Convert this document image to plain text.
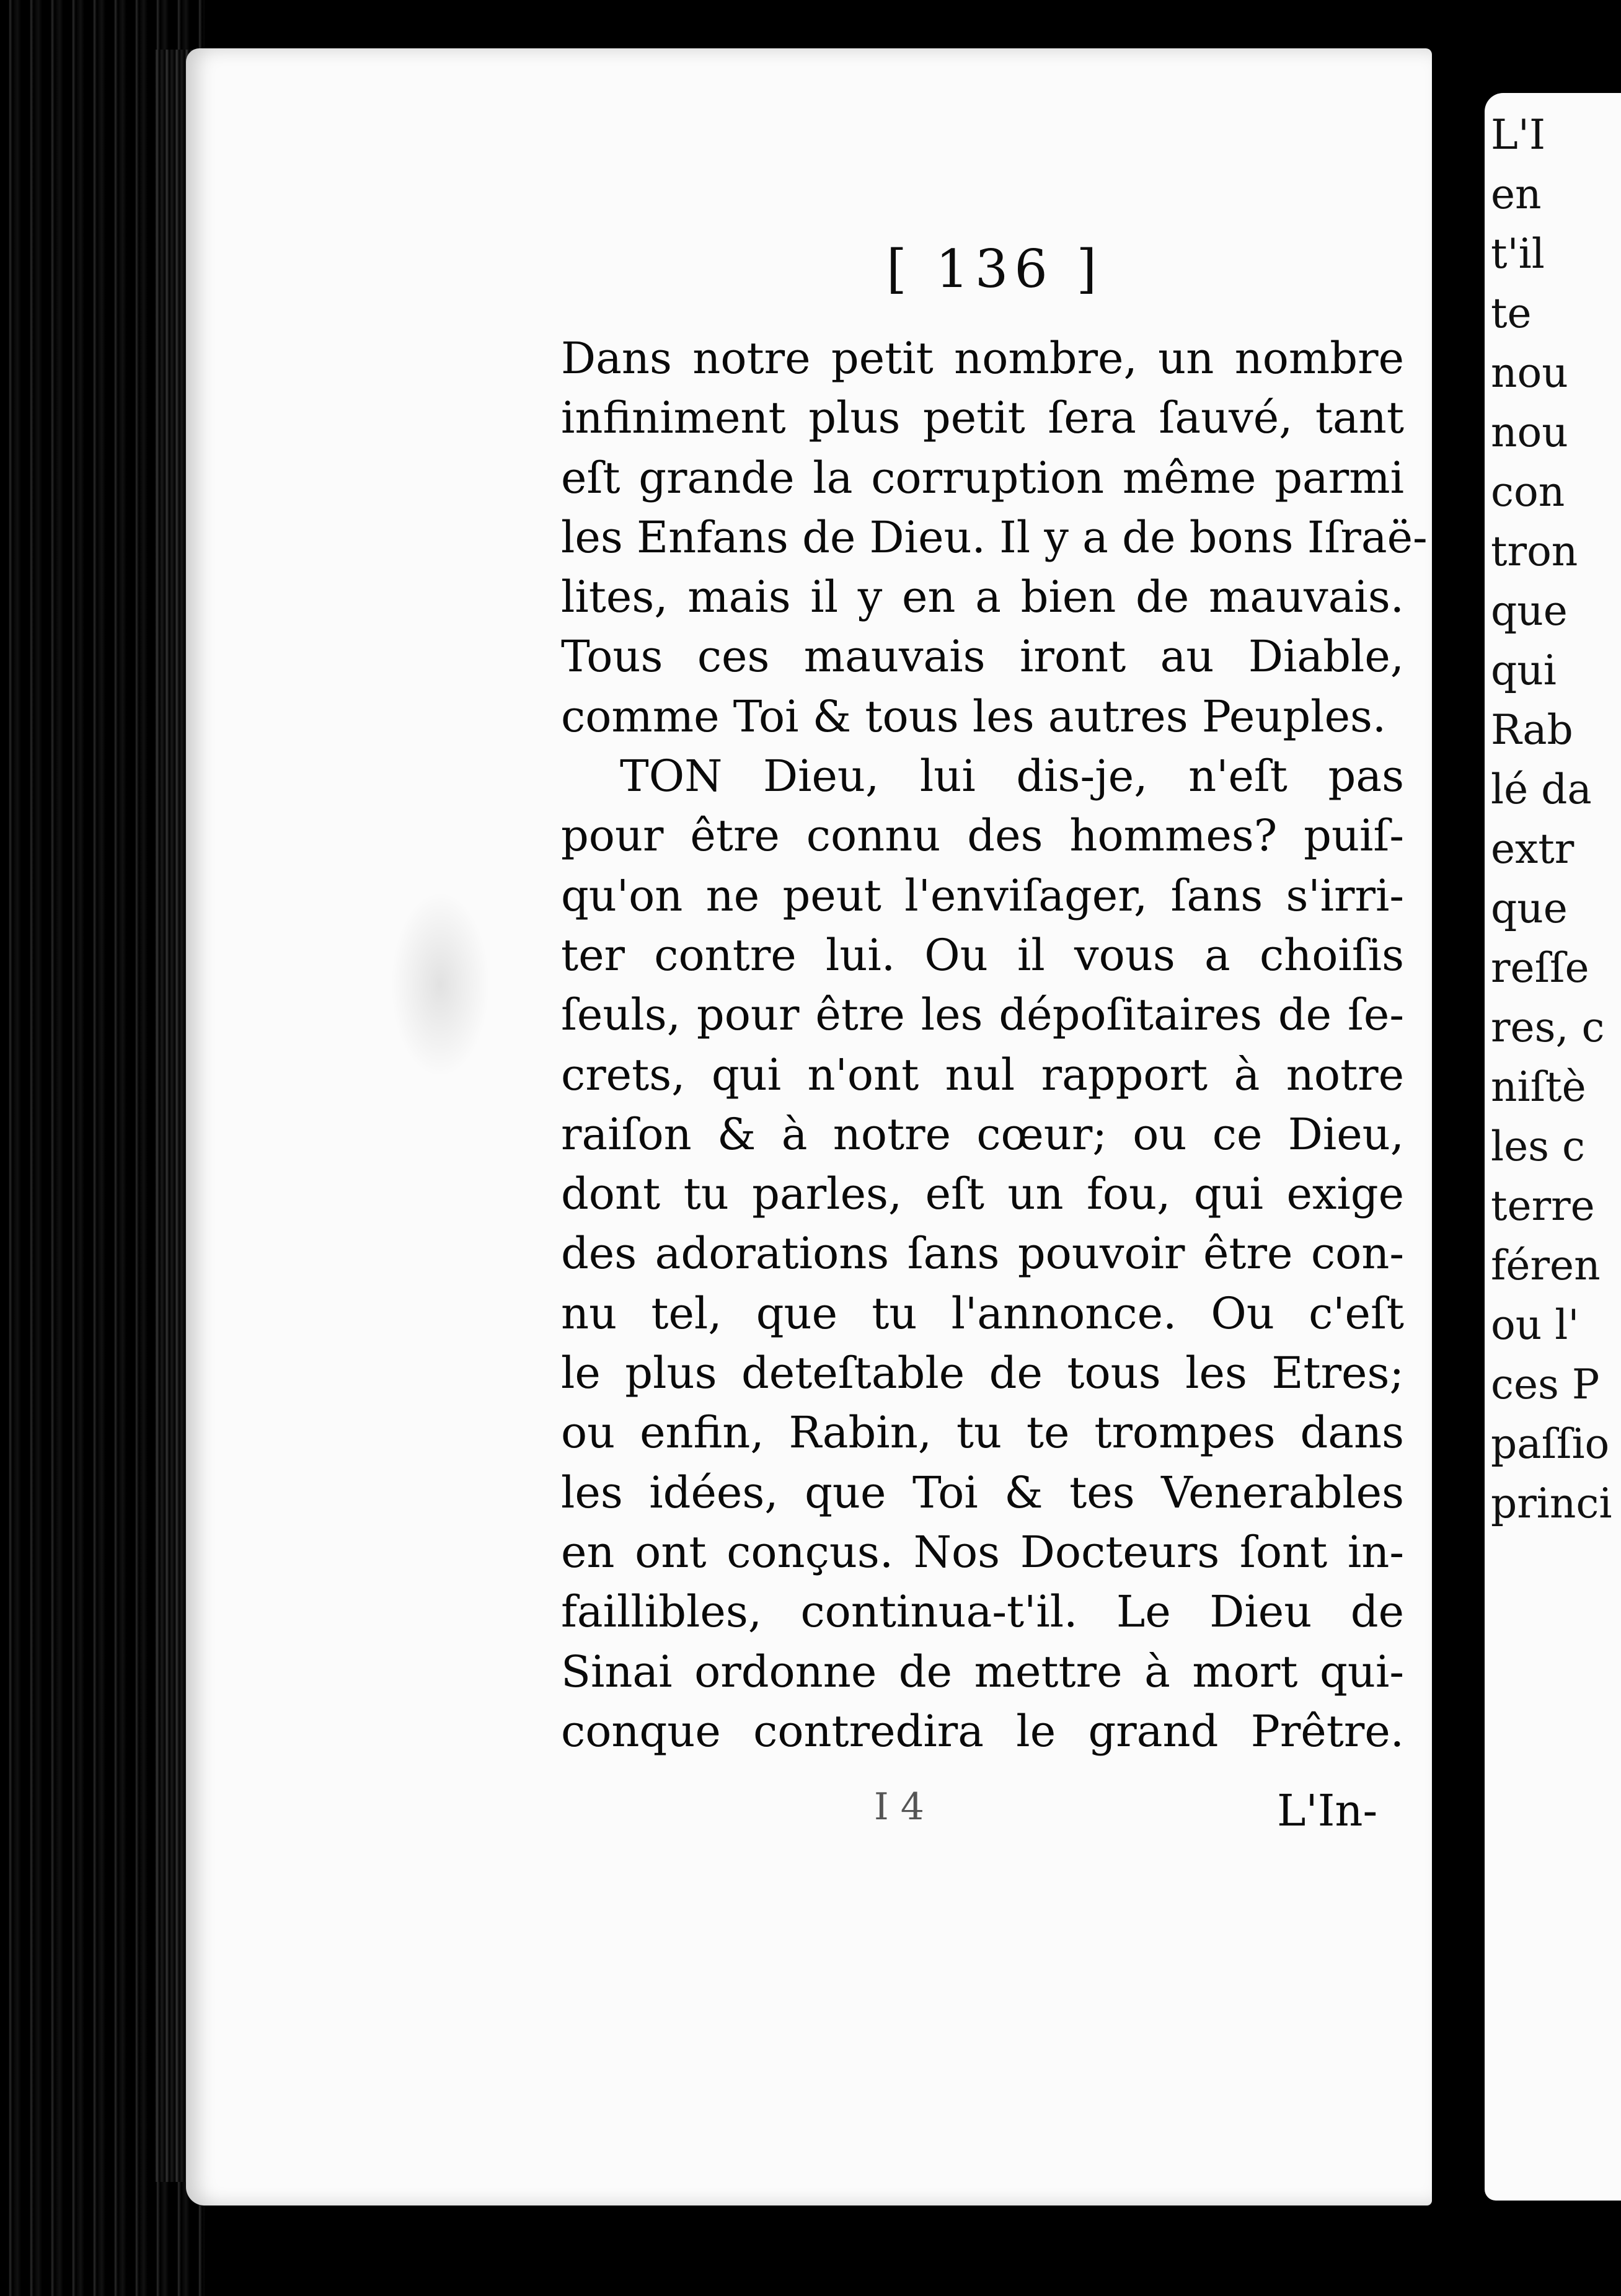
L'I
en
t'il
te
nou
nou
con
tron
que
qui
Rab
lé da
extr
que
reſſe
res, c
niſtè
les c
terre
féren
ou l'
ces P
paſſio
princi
[ 136 ]
Dans notre petit nombre, un nombre
infiniment plus petit ſera ſauvé, tant
eſt grande la corruption même parmi
les Enfans de Dieu. Il y a de bons Iſraë-
lites, mais il y en a bien de mauvais.
Tous ces mauvais iront au Diable,
comme Toi & tous les autres Peuples.
TON Dieu, lui dis-je, n'eſt pas
pour être connu des hommes? puiſ-
qu'on ne peut l'enviſager, ſans s'irri-
ter contre lui. Ou il vous a choiſis
ſeuls, pour être les dépoſitaires de ſe-
crets, qui n'ont nul rapport à notre
raiſon & à notre cœur; ou ce Dieu,
dont tu parles, eſt un fou, qui exige
des adorations ſans pouvoir être con-
nu tel, que tu l'annonce. Ou c'eſt
le plus deteſtable de tous les Etres;
ou enfin, Rabin, tu te trompes dans
les idées, que Toi & tes Venerables
en ont conçus. Nos Docteurs ſont in-
faillibles, continua-t'il. Le Dieu de
Sinai ordonne de mettre à mort qui-
conque contredira le grand Prêtre.
I 4	L'In-
